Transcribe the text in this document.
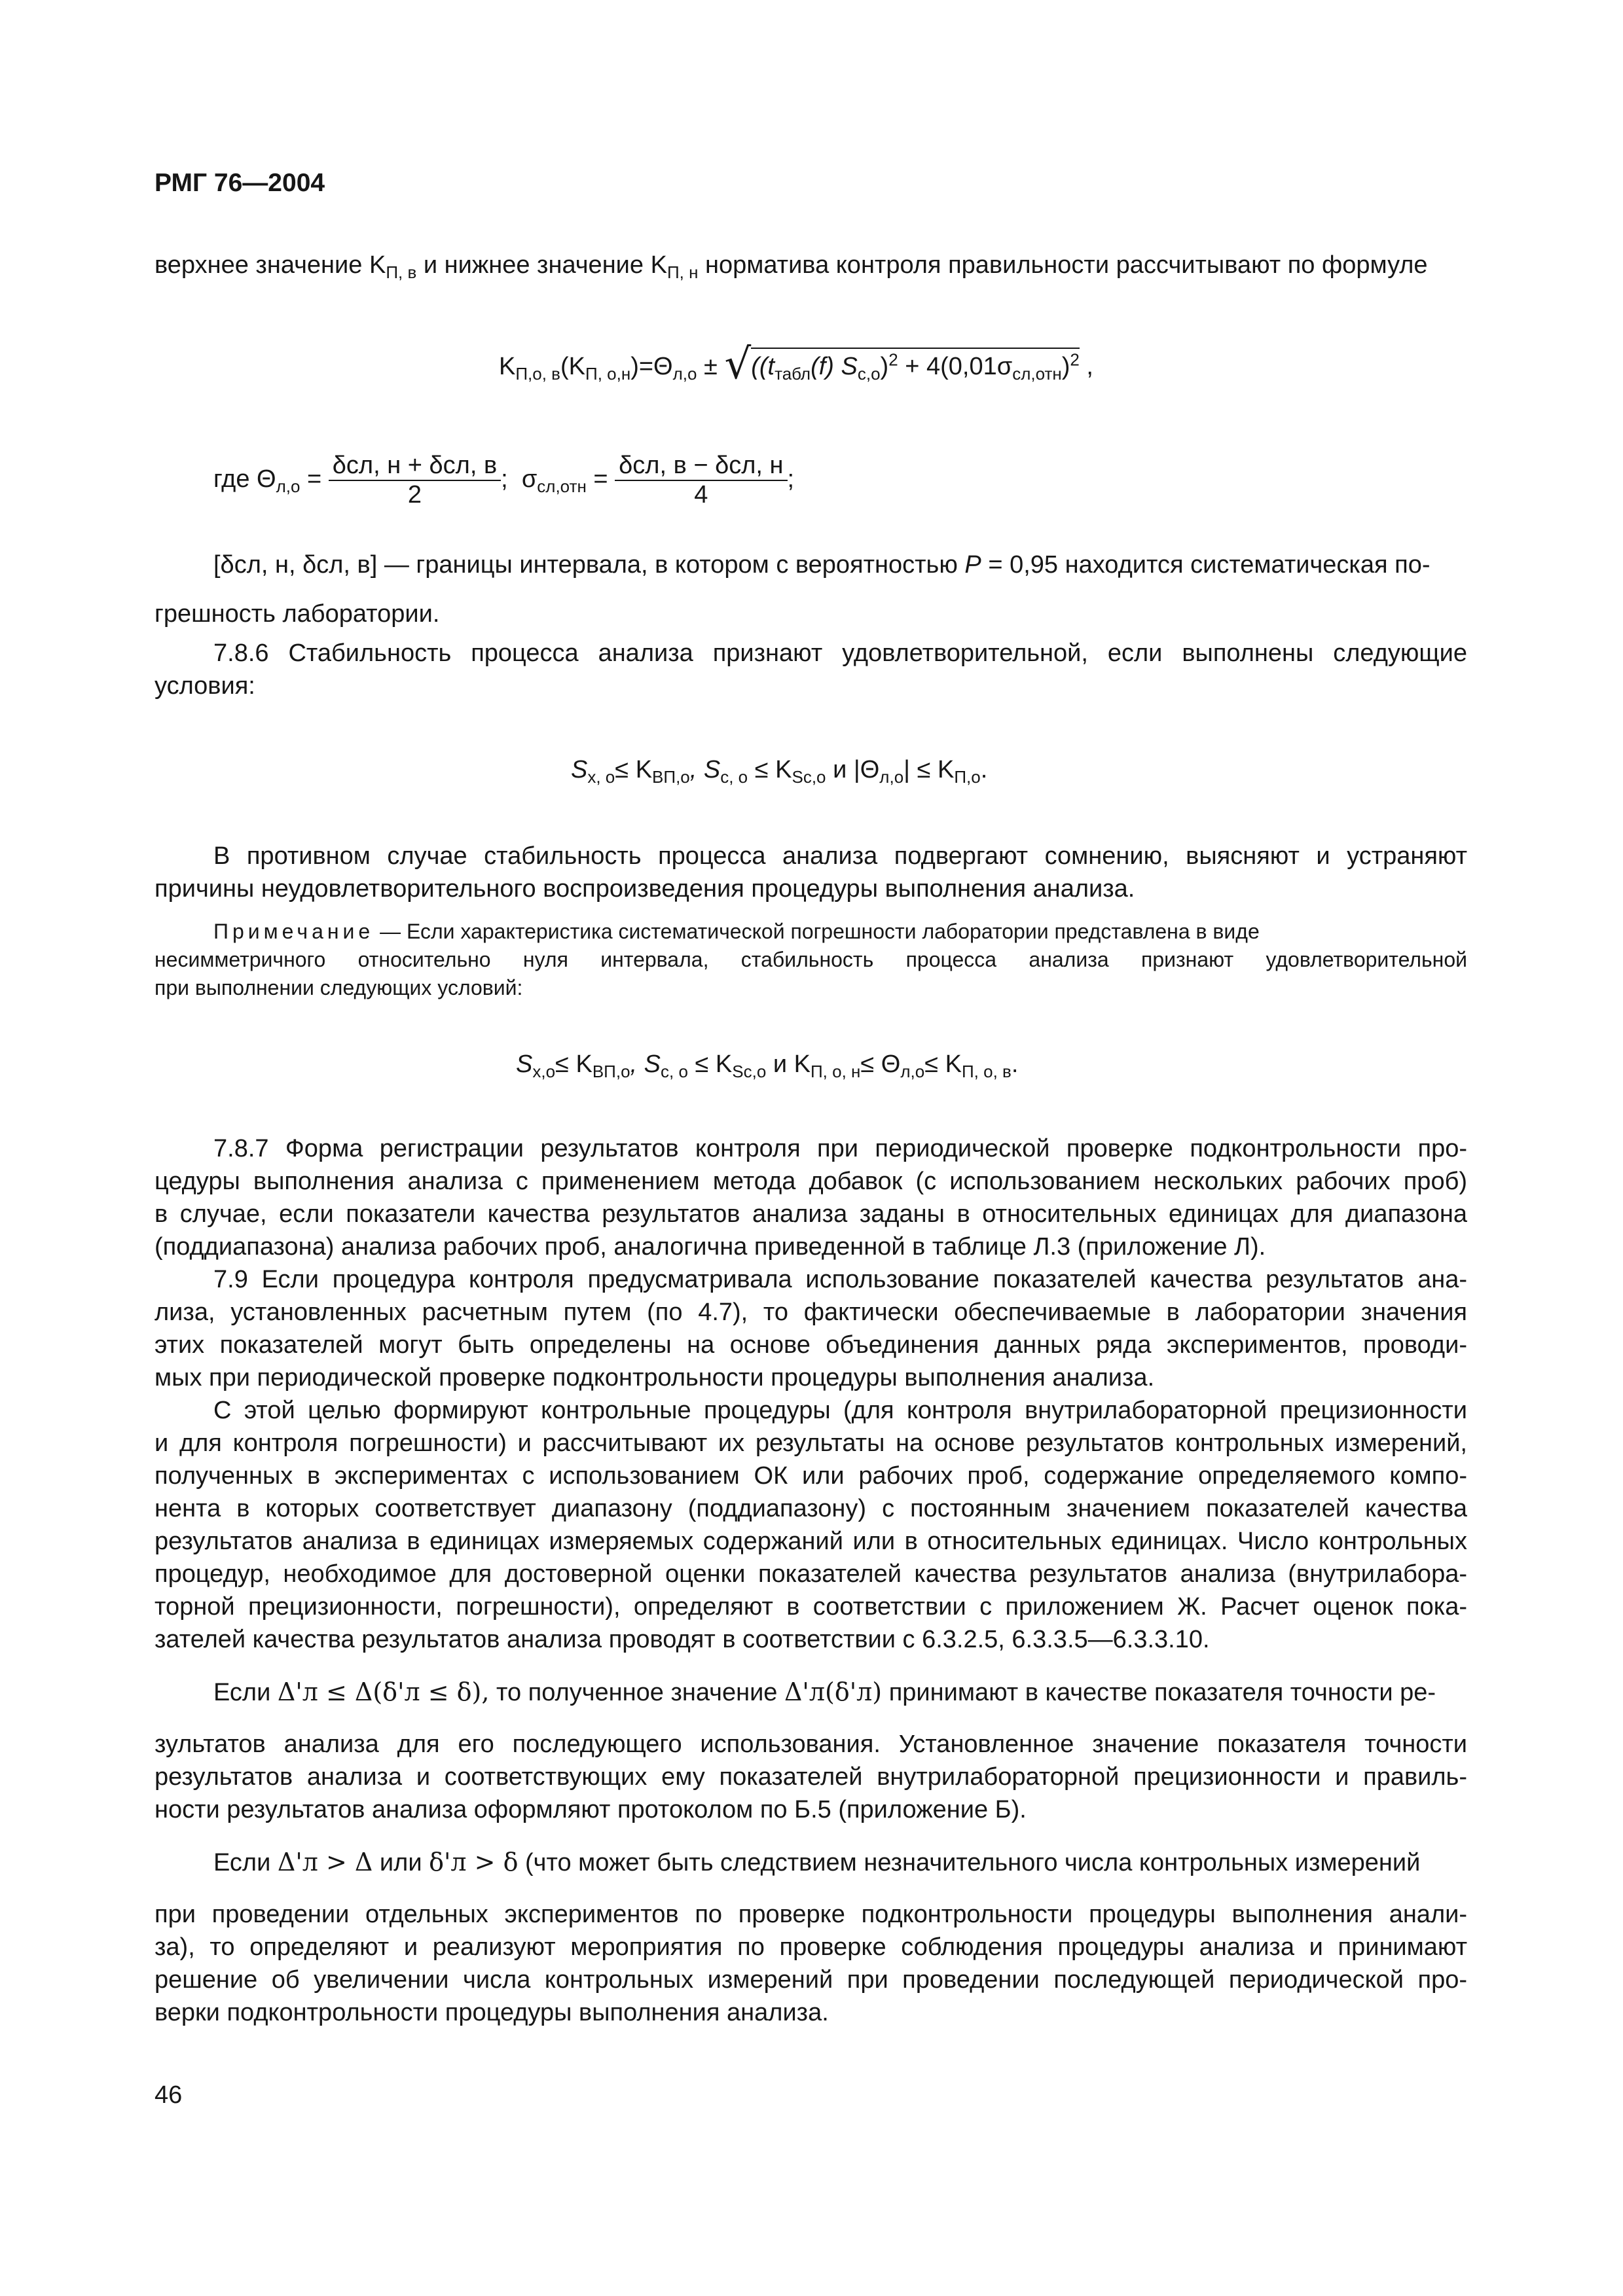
РМГ 76—2004
верхнее значение $K_{П, в}$ и нижнее значение $K_{П, н}$ норматива контроля правильности рассчитывают по формуле
$K_{П,о, в}(K_{П, о,н})=\Theta_{л,о} \pm √((t_{табл}(f) S_{c,o})^2 + 4(0,01\sigma_{сл,отн})^2$ ,
где $\Theta_{л,о} = \frac{\text{δсл, н + δсл, в}}{2}$ ;  $\sigma_{сл,отн} = \frac{\text{δсл, в − δсл, н}}{4}$ ;
[δсл, н, δсл, в] — границы интервала, в котором с вероятностью P = 0,95 находится систематическая по-
грешность лаборатории.
7.8.6 Стабильность процесса анализа признают удовлетворительной, если выполнены следующие
условия:
$S_{x, о}\le K_{ВП,о}$, $S_{c, о} \le K_{Sc,о}$ и $|\Theta_{л,о}| \le K_{П,о}$.
В противном случае стабильность процесса анализа подвергают сомнению, выясняют и устраняют
причины неудовлетворительного воспроизведения процедуры выполнения анализа.
Примечание — Если характеристика систематической погрешности лаборатории представлена в виде
несимметричного относительно нуля интервала, стабильность процесса анализа признают удовлетворительной
при выполнении следующих условий:
$S_{x,о}\le K_{ВП,о}$, $S_{c, о} \le K_{Sc,о}$ и $K_{П, о, н}\le \Theta_{л,о}\le K_{П, о, в}$.
7.8.7 Форма регистрации результатов контроля при периодической проверке подконтрольности про-
цедуры выполнения анализа с применением метода добавок (с использованием нескольких рабочих проб)
в случае, если показатели качества результатов анализа заданы в относительных единицах для диапазона
(поддиапазона) анализа рабочих проб, аналогична приведенной в таблице Л.3 (приложение Л).
7.9 Если процедура контроля предусматривала использование показателей качества результатов ана-
лиза, установленных расчетным путем (по 4.7), то фактически обеспечиваемые в лаборатории значения
этих показателей могут быть определены на основе объединения данных ряда экспериментов, проводи-
мых при периодической проверке подконтрольности процедуры выполнения анализа.
С этой целью формируют контрольные процедуры (для контроля внутрилабораторной прецизионности
и для контроля погрешности) и рассчитывают их результаты на основе результатов контрольных измерений,
полученных в экспериментах с использованием ОК или рабочих проб, содержание определяемого компо-
нента в которых соответствует диапазону (поддиапазону) с постоянным значением показателей качества
результатов анализа в единицах измеряемых содержаний или в относительных единицах. Число контрольных
процедур, необходимое для достоверной оценки показателей качества результатов анализа (внутрилабора-
торной прецизионности, погрешности), определяют в соответствии с приложением Ж. Расчет оценок пока-
зателей качества результатов анализа проводят в соответствии с 6.3.2.5, 6.3.3.5—6.3.3.10.
Если Δ'л ≤ Δ(δ'л ≤ δ), то полученное значение Δ'л(δ'л) принимают в качестве показателя точности ре-
зультатов анализа для его последующего использования. Установленное значение показателя точности
результатов анализа и соответствующих ему показателей внутрилабораторной прецизионности и правиль-
ности результатов анализа оформляют протоколом по Б.5 (приложение Б).
Если Δ'л > Δ или δ'л > δ (что может быть следствием незначительного числа контрольных измерений
при проведении отдельных экспериментов по проверке подконтрольности процедуры выполнения анали-
за), то определяют и реализуют мероприятия по проверке соблюдения процедуры анализа и принимают
решение об увеличении числа контрольных измерений при проведении последующей периодической про-
верки подконтрольности процедуры выполнения анализа.
46
